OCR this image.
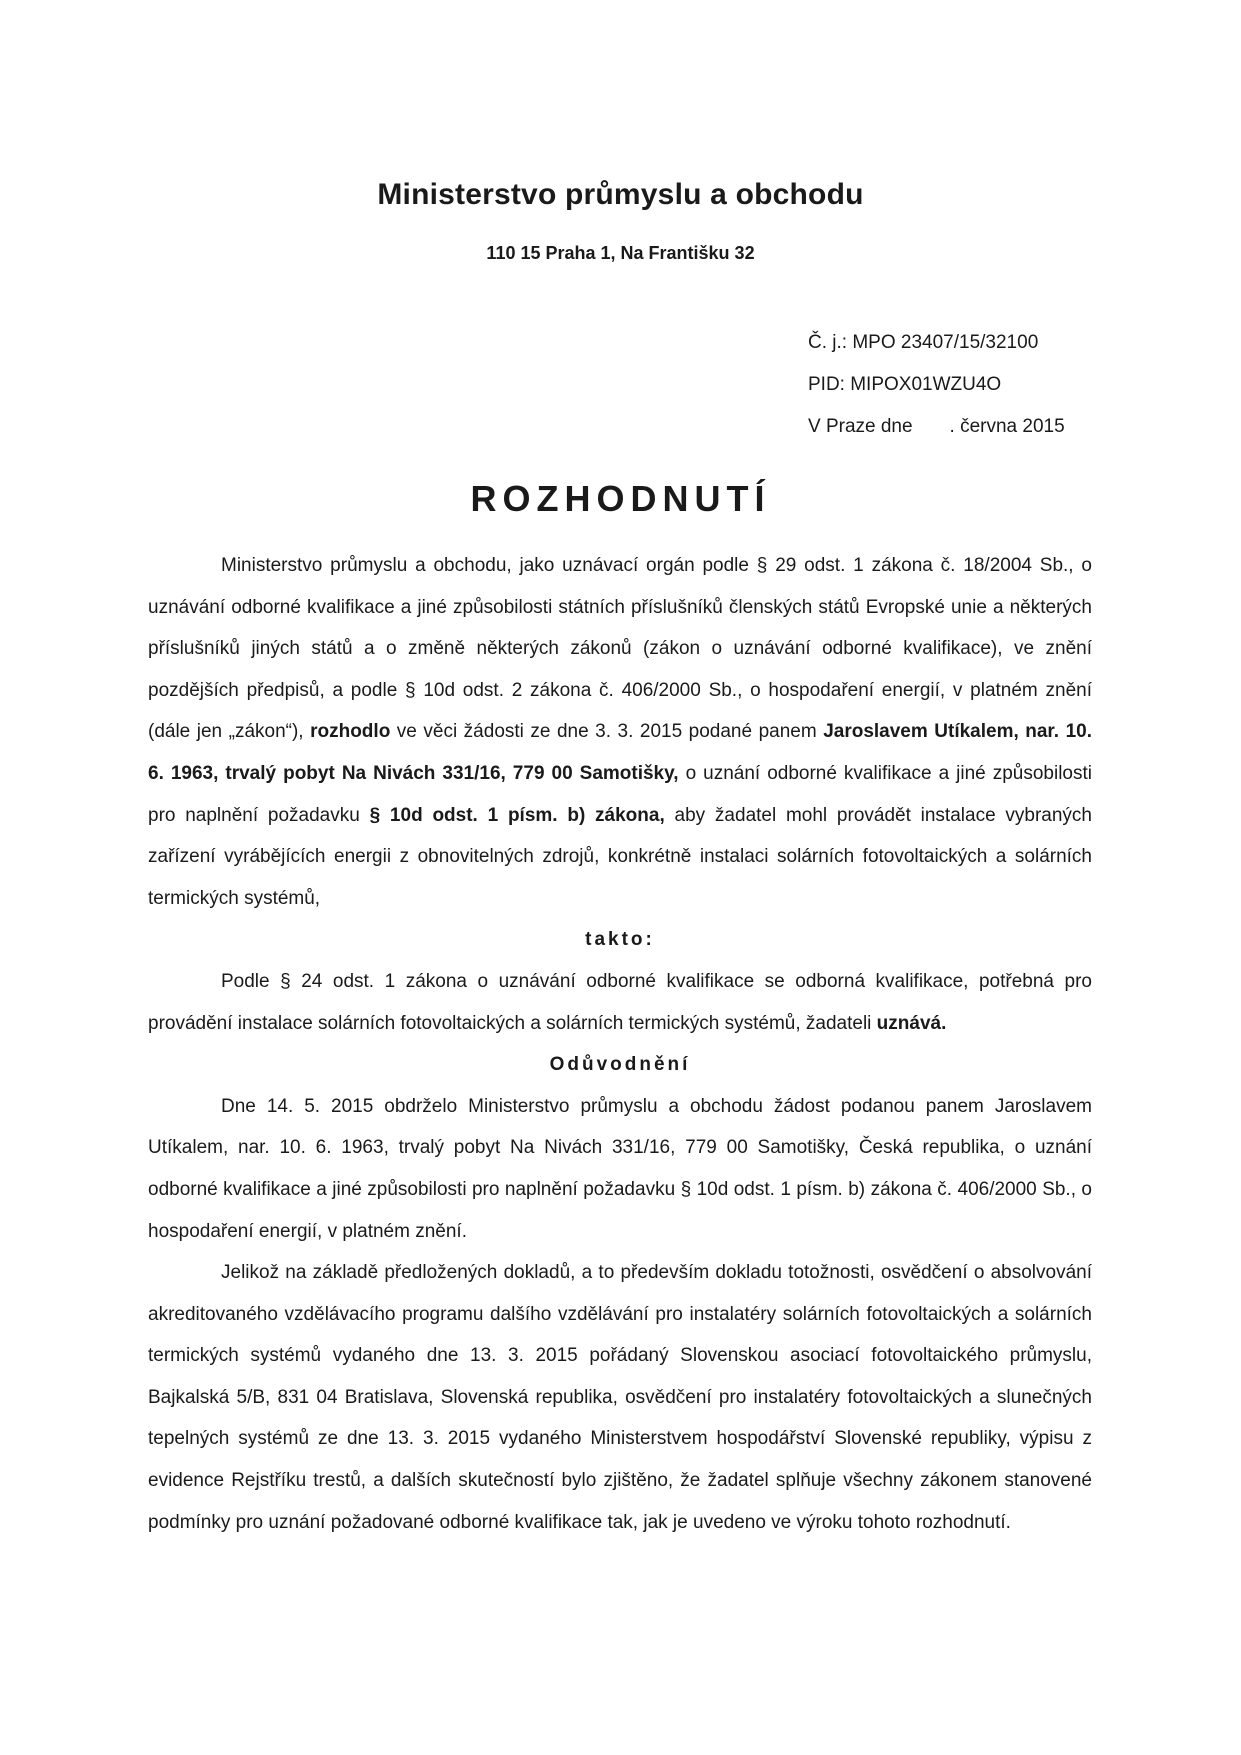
Ministerstvo průmyslu a obchodu
110 15 Praha 1, Na Františku 32
Č. j.: MPO 23407/15/32100
PID: MIPOX01WZU4O
V Praze dne       . června 2015
ROZHODNUTÍ

Ministerstvo průmyslu a obchodu, jako uznávací orgán podle § 29 odst. 1 zákona č. 18/2004 Sb., o uznávání odborné kvalifikace a jiné způsobilosti státních příslušníků členských států Evropské unie a některých příslušníků jiných států a o změně některých zákonů (zákon o uznávání odborné kvalifikace), ve znění pozdějších předpisů, a podle § 10d odst. 2 zákona č. 406/2000 Sb., o hospodaření energií, v platném znění (dále jen „zákon“), rozhodlo ve věci žádosti ze dne 3. 3. 2015 podané panem Jaroslavem Utíkalem, nar. 10. 6. 1963, trvalý pobyt Na Nivách 331/16, 779 00 Samotišky, o uznání odborné kvalifikace a jiné způsobilosti pro naplnění požadavku § 10d odst. 1 písm. b) zákona, aby žadatel mohl provádět instalace vybraných zařízení vyrábějících energii z obnovitelných zdrojů, konkrétně instalaci solárních fotovoltaických a solárních termických systémů,

takto:

Podle § 24 odst. 1 zákona o uznávání odborné kvalifikace se odborná kvalifikace, potřebná pro provádění instalace solárních fotovoltaických a solárních termických systémů, žadateli uznává.

Odůvodnění

Dne 14. 5. 2015 obdrželo Ministerstvo průmyslu a obchodu žádost podanou panem Jaroslavem Utíkalem, nar. 10. 6. 1963, trvalý pobyt Na Nivách 331/16, 779 00 Samotišky, Česká republika, o uznání odborné kvalifikace a jiné způsobilosti pro naplnění požadavku § 10d odst. 1 písm. b) zákona č. 406/2000 Sb., o hospodaření energií, v platném znění.

Jelikož na základě předložených dokladů, a to především dokladu totožnosti, osvědčení o absolvování akreditovaného vzdělávacího programu dalšího vzdělávání pro instalatéry solárních fotovoltaických a solárních termických systémů vydaného dne 13. 3. 2015 pořádaný Slovenskou asociací fotovoltaického průmyslu, Bajkalská 5/B, 831 04 Bratislava, Slovenská republika, osvědčení pro instalatéry fotovoltaických a slunečných tepelných systémů ze dne 13. 3. 2015 vydaného Ministerstvem hospodářství Slovenské republiky, výpisu z evidence Rejstříku trestů, a dalších skutečností bylo zjištěno, že žadatel splňuje všechny zákonem stanovené podmínky pro uznání požadované odborné kvalifikace tak, jak je uvedeno ve výroku tohoto rozhodnutí.
